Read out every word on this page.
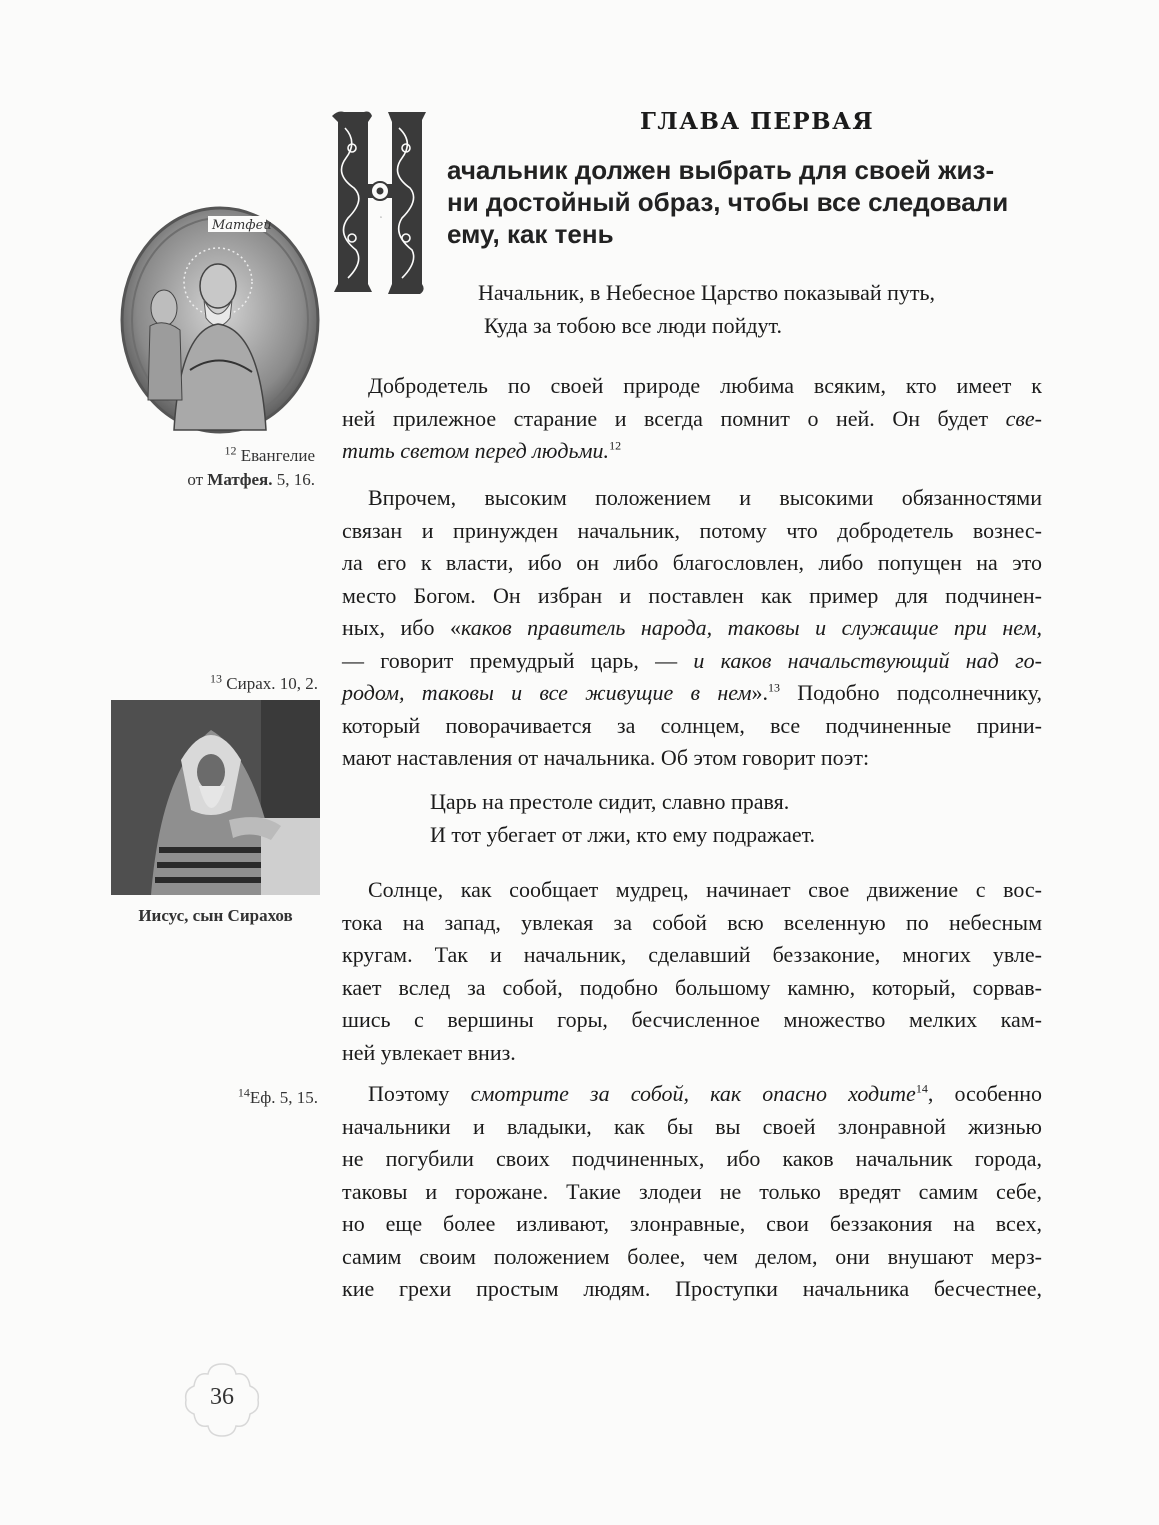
ГЛАВА ПЕРВАЯ
Н
ачальник должен выбрать для своей жиз-
ни достойный образ, чтобы все следовали
ему, как тень
Начальник, в Небесное Царство показывай путь,
Куда за тобою все люди пойдут.
Матфеи
$^{12}$ Евангелие
от Матфея. 5, 16.
Добродетель по своей природе любима всяким, кто имеет к
ней прилежное старание и всегда помнит о ней. Он будет све-
тить светом перед людьми.$^{12}$
Впрочем, высоким положением и высокими обязанностями
связан и принужден начальник, потому что добродетель вознес-
ла его к власти, ибо он либо благословлен, либо попущен на это
место Богом. Он избран и поставлен как пример для подчинен-
ных, ибо «каков правитель народа, таковы и служащие при нем,
— говорит премудрый царь, — и каков начальствующий над го-
родом, таковы и все живущие в нем».$^{13}$ Подобно подсолнечнику,
который поворачивается за солнцем, все подчиненные прини-
мают наставления от начальника. Об этом говорит поэт:
$^{13}$ Сирах. 10, 2.
Иисус, сын Сирахов
Царь на престоле сидит, славно правя.
И тот убегает от лжи, кто ему подражает.
Солнце, как сообщает мудрец, начинает свое движение с вос-
тока на запад, увлекая за собой всю вселенную по небесным
кругам. Так и начальник, сделавший беззаконие, многих увле-
кает вслед за собой, подобно большому камню, который, сорвав-
шись с вершины горы, бесчисленное множество мелких кам-
ней увлекает вниз.
$^{14}$Еф. 5, 15.	Поэтому смотрите за собой, как опасно ходите$^{14}$, особенно
начальники и владыки, как бы вы своей злонравной жизнью
не погубили своих подчиненных, ибо каков начальник города,
таковы и горожане. Такие злодеи не только вредят самим себе,
но еще более изливают, злонравные, свои беззакония на всех,
самим своим положением более, чем делом, они внушают мерз-
кие грехи простым людям. Проступки начальника бесчестнее,
36
